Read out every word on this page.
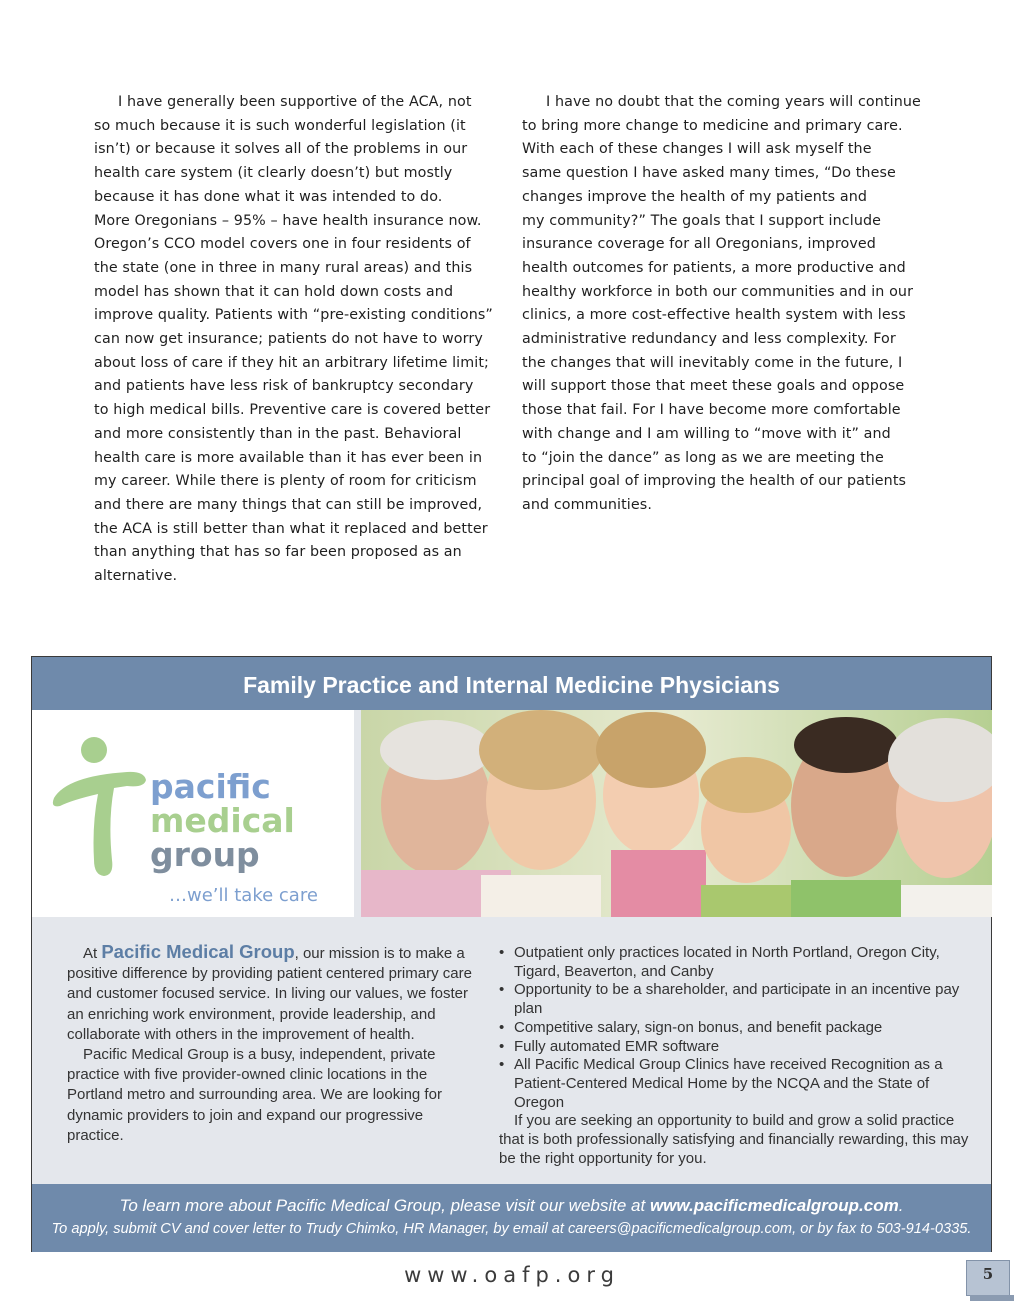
I have generally been supportive of the ACA, not

so much because it is such wonderful legislation (it

isn’t) or because it solves all of the problems in our

health care system (it clearly doesn’t) but mostly

because it has done what it was intended to do.

More Oregonians – 95% – have health insurance now.

Oregon’s CCO model covers one in four residents of

the state (one in three in many rural areas) and this

model has shown that it can hold down costs and

improve quality. Patients with “pre-existing conditions”

can now get insurance; patients do not have to worry

about loss of care if they hit an arbitrary lifetime limit;

and patients have less risk of bankruptcy secondary

to high medical bills. Preventive care is covered better

and more consistently than in the past. Behavioral

health care is more available than it has ever been in

my career. While there is plenty of room for criticism

and there are many things that can still be improved,

the ACA is still better than what it replaced and better

than anything that has so far been proposed as an

alternative.

I have no doubt that the coming years will continue

to bring more change to medicine and primary care.

With each of these changes I will ask myself the

same question I have asked many times, “Do these

changes improve the health of my patients and

my community?” The goals that I support include

insurance coverage for all Oregonians, improved

health outcomes for patients, a more productive and

healthy workforce in both our communities and in our

clinics, a more cost-effective health system with less

administrative redundancy and less complexity. For

the changes that will inevitably come in the future, I

will support those that meet these goals and oppose

those that fail. For I have become more comfortable

with change and I am willing to “move with it” and

to “join the dance” as long as we are meeting the

principal goal of improving the health of our patients

and communities.

Family Practice and Internal Medicine Physicians
pacific
medical
group
…we’ll take care

At Pacific Medical Group, our mission is to make a positive difference by providing patient centered primary care and customer focused service. In living our values, we foster an enriching work environment, provide leadership, and collaborate with others in the improvement of health.

Pacific Medical Group is a busy, independent, private practice with five provider-owned clinic locations in the Portland metro and surrounding area. We are looking for dynamic providers to join and expand our progressive practice.

• Outpatient only practices located in North Portland, Oregon City, Tigard, Beaverton, and Canby
• Opportunity to be a shareholder, and participate in an incentive pay plan
• Competitive salary, sign-on bonus, and benefit package
• Fully automated EMR software
• All Pacific Medical Group Clinics have received Recognition as a Patient-Centered Medical Home by the NCQA and the State of Oregon

If you are seeking an opportunity to build and grow a solid practice that is both professionally satisfying and financially rewarding, this may be the right opportunity for you.

To learn more about Pacific Medical Group, please visit our website at www.pacificmedicalgroup.com.
To apply, submit CV and cover letter to Trudy Chimko, HR Manager, by email at careers@pacificmedicalgroup.com, or by fax to 503-914-0335.
www.oafp.org	5
